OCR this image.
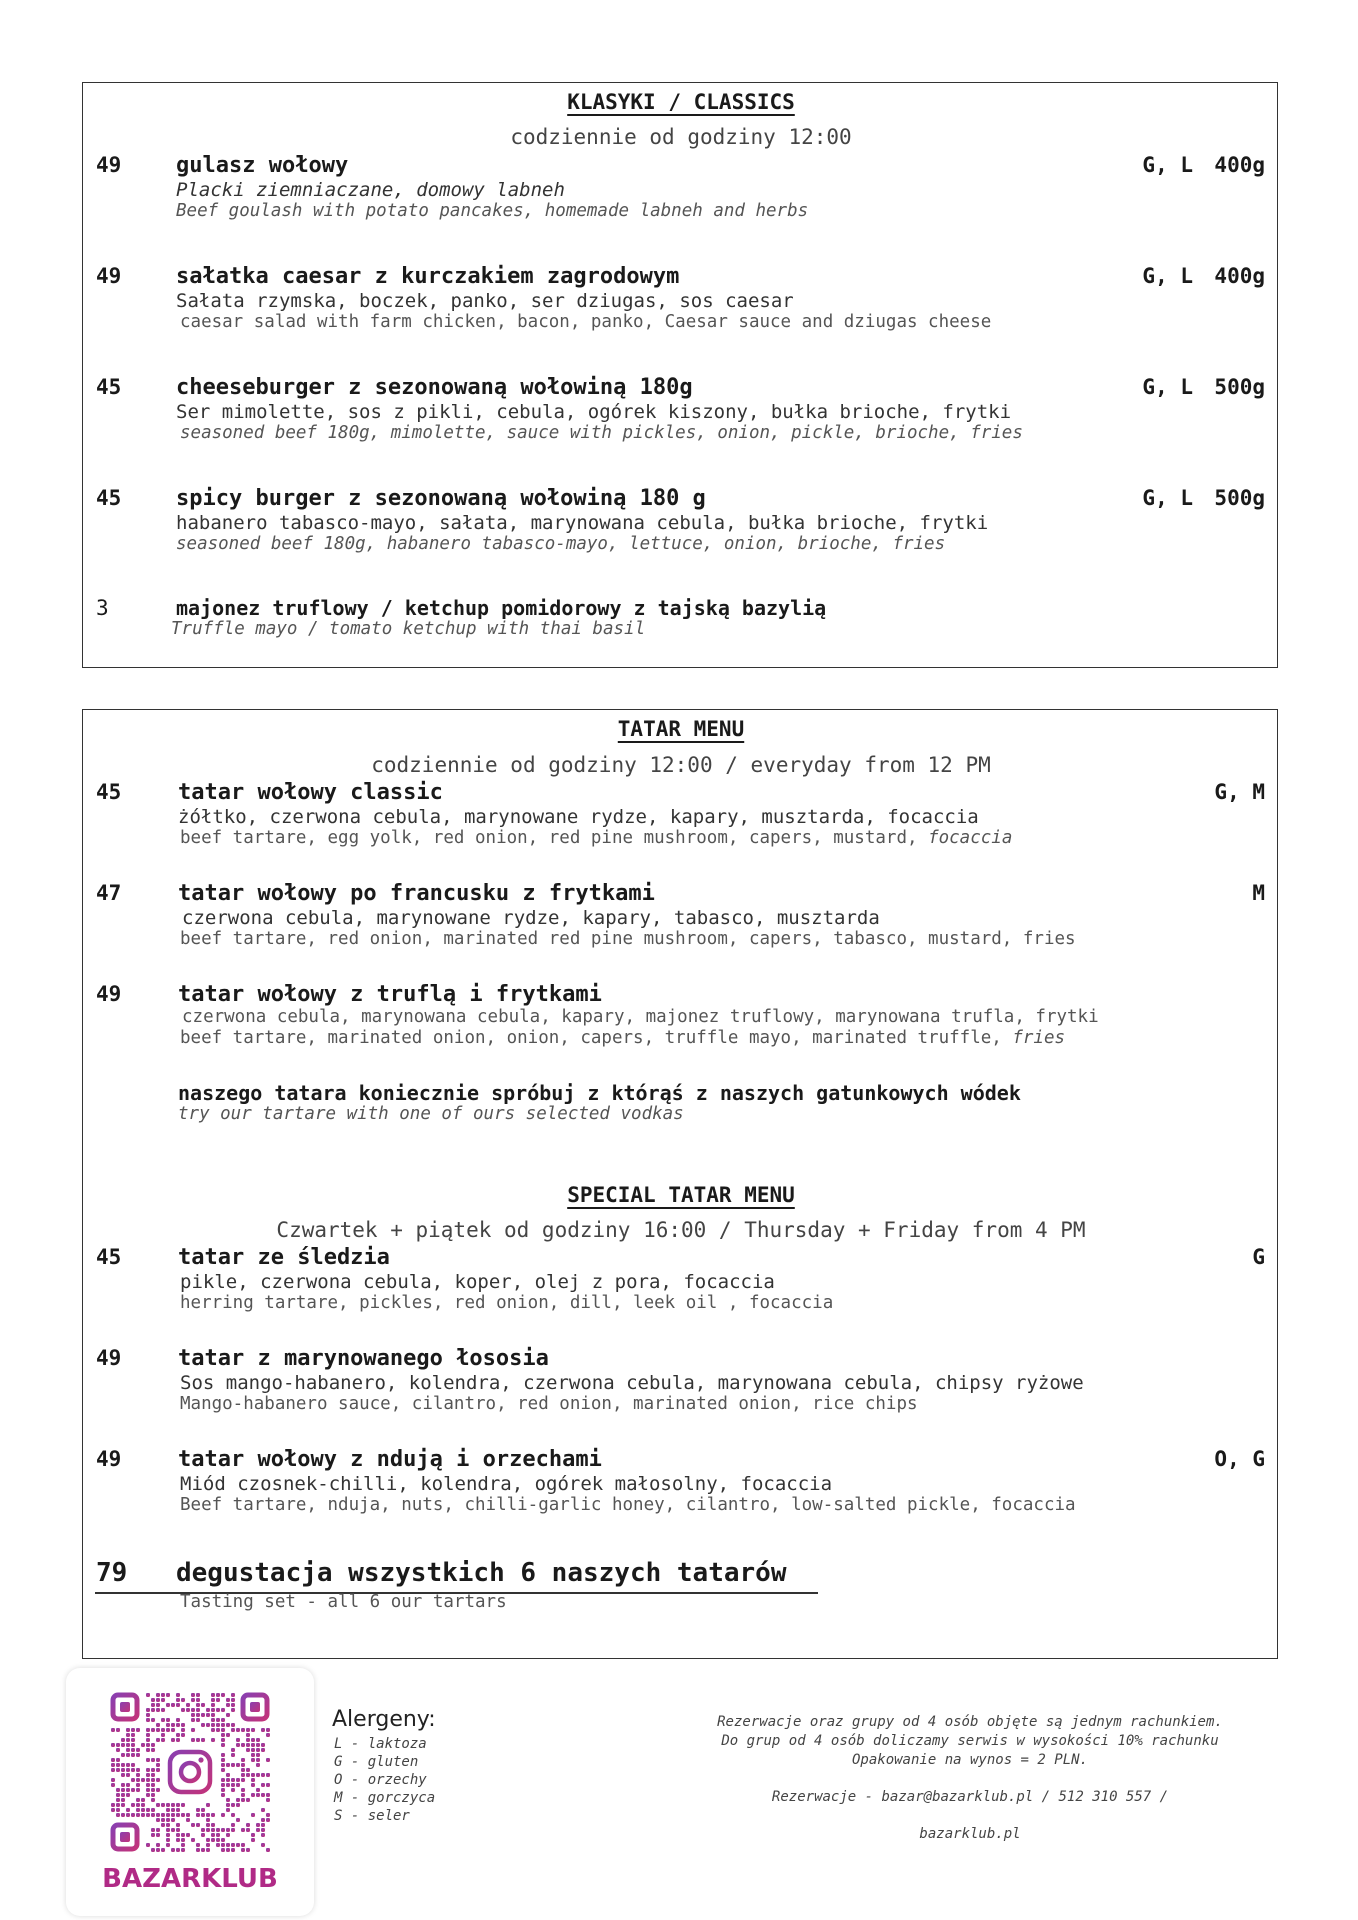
KLASYKI / CLASSICS
codziennie od godziny 12:00
49 gulasz wołowy	G, L	400g
Placki ziemniaczane, domowy labneh
Beef goulash with potato pancakes, homemade labneh and herbs
49 sałatka caesar z kurczakiem zagrodowym	G, L	400g
Sałata rzymska, boczek, panko, ser dziugas, sos caesar
caesar salad with farm chicken, bacon, panko, Caesar sauce and dziugas cheese
45 cheeseburger z sezonowaną wołowiną 180g	G, L	500g
Ser mimolette, sos z pikli, cebula, ogórek kiszony, bułka brioche, frytki
seasoned beef 180g, mimolette, sauce with pickles, onion, pickle, brioche, fries
45 spicy burger z sezonowaną wołowiną 180 g	G, L	500g
habanero tabasco-mayo, sałata, marynowana cebula, bułka brioche, frytki
seasoned beef 180g, habanero tabasco-mayo, lettuce, onion, brioche, fries
3	majonez truflowy / ketchup pomidorowy z tajską bazylią
Truffle mayo / tomato ketchup with thai basil
TATAR MENU
codziennie od godziny 12:00 / everyday from 12 PM
45	tatar wołowy classic	G, M
żółtko, czerwona cebula, marynowane rydze, kapary, musztarda, focaccia
beef tartare, egg yolk, red onion, red pine mushroom, capers, mustard, focaccia
47	tatar wołowy po francusku z frytkami	M
czerwona cebula, marynowane rydze, kapary, tabasco, musztarda
beef tartare, red onion, marinated red pine mushroom, capers, tabasco, mustard, fries
49	tatar wołowy z truflą i frytkami
czerwona cebula, marynowana cebula, kapary, majonez truflowy, marynowana trufla, frytki
beef tartare, marinated onion, onion, capers, truffle mayo, marinated truffle, fries
naszego tatara koniecznie spróbuj z którąś z naszych gatunkowych wódek
try our tartare with one of ours selected vodkas
SPECIAL TATAR MENU
Czwartek + piątek od godziny 16:00 / Thursday + Friday from 4 PM
45	tatar ze śledzia	G
pikle, czerwona cebula, koper, olej z pora, focaccia
herring tartare, pickles, red onion, dill, leek oil , focaccia
49	tatar z marynowanego łososia
Sos mango-habanero, kolendra, czerwona cebula, marynowana cebula, chipsy ryżowe
Mango-habanero sauce, cilantro, red onion, marinated onion, rice chips
49	tatar wołowy z ndują i orzechami	O, G
Miód czosnek-chilli, kolendra, ogórek małosolny, focaccia
Beef tartare, nduja, nuts, chilli-garlic honey, cilantro, low-salted pickle, focaccia
79 degustacja wszystkich 6 naszych tatarów
Tasting set - all 6 our tartars
BAZARKLUB
Alergeny:
L - laktoza
G - gluten
O - orzechy
M - gorczyca
S - seler
Rezerwacje oraz grupy od 4 osób objęte są jednym rachunkiem.
Do grup od 4 osób doliczamy serwis w wysokości 10% rachunku
Opakowanie na wynos = 2 PLN.
Rezerwacje - bazar@bazarklub.pl / 512 310 557 /
bazarklub.pl
